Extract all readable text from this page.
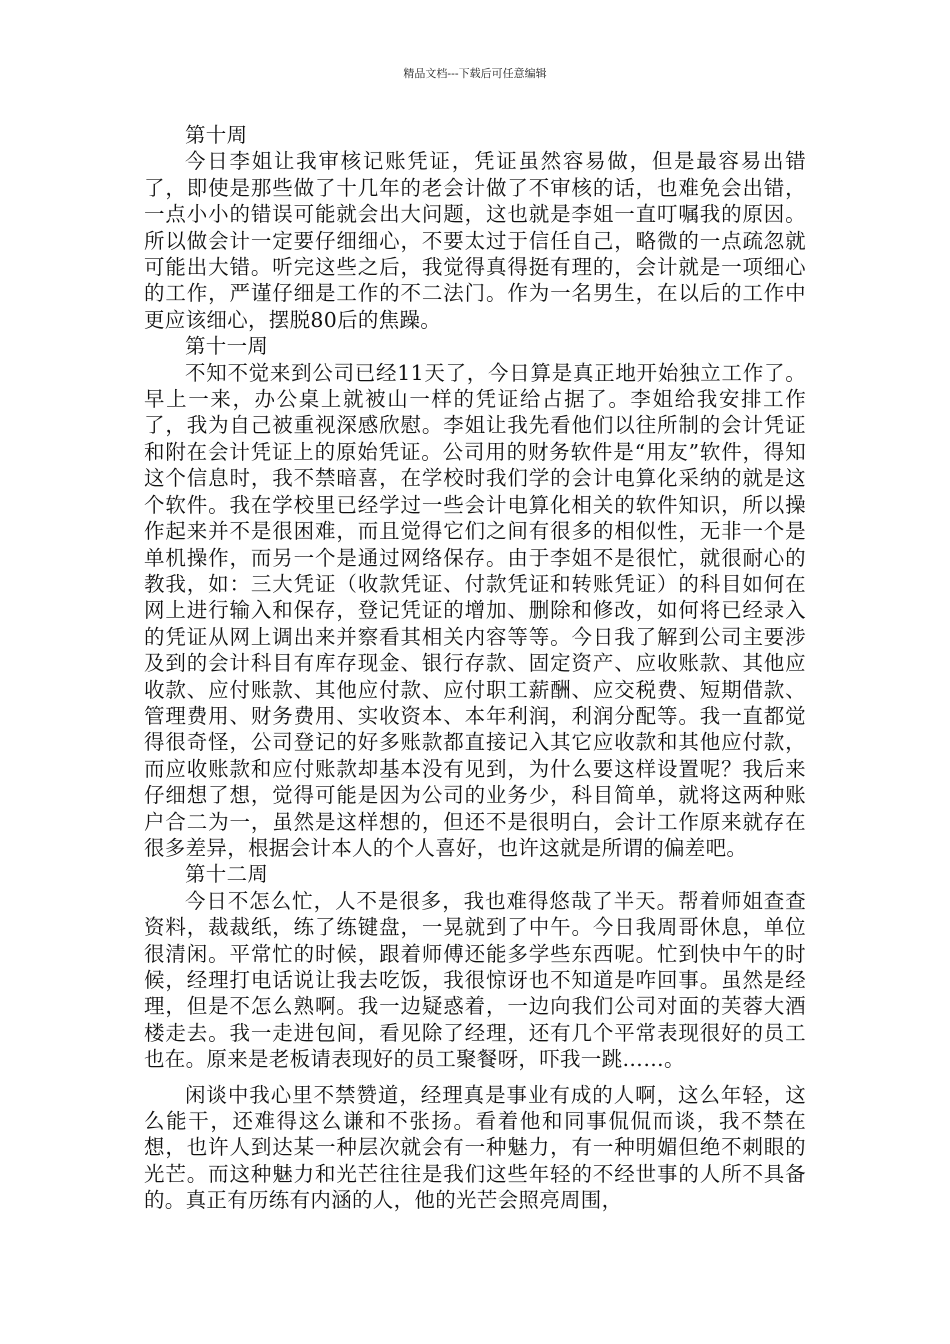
精品文档---下载后可任意编辑

第十周

今日李姐让我审核记账凭证，凭证虽然容易做，但是最容易出错了，即使是那些做了十几年的老会计做了不审核的话，也难免会出错，一点小小的错误可能就会出大问题，这也就是李姐一直叮嘱我的原因。所以做会计一定要仔细细心，不要太过于信任自己，略微的一点疏忽就可能出大错。听完这些之后，我觉得真得挺有理的，会计就是一项细心的工作，严谨仔细是工作的不二法门。作为一名男生，在以后的工作中更应该细心，摆脱80后的焦躁。

第十一周

不知不觉来到公司已经11天了，今日算是真正地开始独立工作了。早上一来，办公桌上就被山一样的凭证给占据了。李姐给我安排工作了，我为自己被重视深感欣慰。李姐让我先看他们以往所制的会计凭证和附在会计凭证上的原始凭证。公司用的财务软件是“用友”软件，得知这个信息时，我不禁暗喜，在学校时我们学的会计电算化采纳的就是这个软件。我在学校里已经学过一些会计电算化相关的软件知识，所以操作起来并不是很困难，而且觉得它们之间有很多的相似性，无非一个是单机操作，而另一个是通过网络保存。由于李姐不是很忙，就很耐心的教我，如：三大凭证（收款凭证、付款凭证和转账凭证）的科目如何在网上进行输入和保存，登记凭证的增加、删除和修改，如何将已经录入的凭证从网上调出来并察看其相关内容等等。今日我了解到公司主要涉及到的会计科目有库存现金、银行存款、固定资产、应收账款、其他应收款、应付账款、其他应付款、应付职工薪酬、应交税费、短期借款、管理费用、财务费用、实收资本、本年利润，利润分配等。我一直都觉得很奇怪，公司登记的好多账款都直接记入其它应收款和其他应付款，而应收账款和应付账款却基本没有见到，为什么要这样设置呢？我后来仔细想了想，觉得可能是因为公司的业务少，科目简单，就将这两种账户合二为一，虽然是这样想的，但还不是很明白，会计工作原来就存在很多差异，根据会计本人的个人喜好，也许这就是所谓的偏差吧。

第十二周

今日不怎么忙，人不是很多，我也难得悠哉了半天。帮着师姐查查资料，裁裁纸，练了练键盘，一晃就到了中午。今日我周哥休息，单位很清闲。平常忙的时候，跟着师傅还能多学些东西呢。忙到快中午的时候，经理打电话说让我去吃饭，我很惊讶也不知道是咋回事。虽然是经理，但是不怎么熟啊。我一边疑惑着，一边向我们公司对面的芙蓉大酒楼走去。我一走进包间，看见除了经理，还有几个平常表现很好的员工也在。原来是老板请表现好的员工聚餐呀，吓我一跳……。

闲谈中我心里不禁赞道，经理真是事业有成的人啊，这么年轻，这么能干，还难得这么谦和不张扬。看着他和同事侃侃而谈，我不禁在想，也许人到达某一种层次就会有一种魅力，有一种明媚但绝不刺眼的光芒。而这种魅力和光芒往往是我们这些年轻的不经世事的人所不具备的。真正有历练有内涵的人，他的光芒会照亮周围，
